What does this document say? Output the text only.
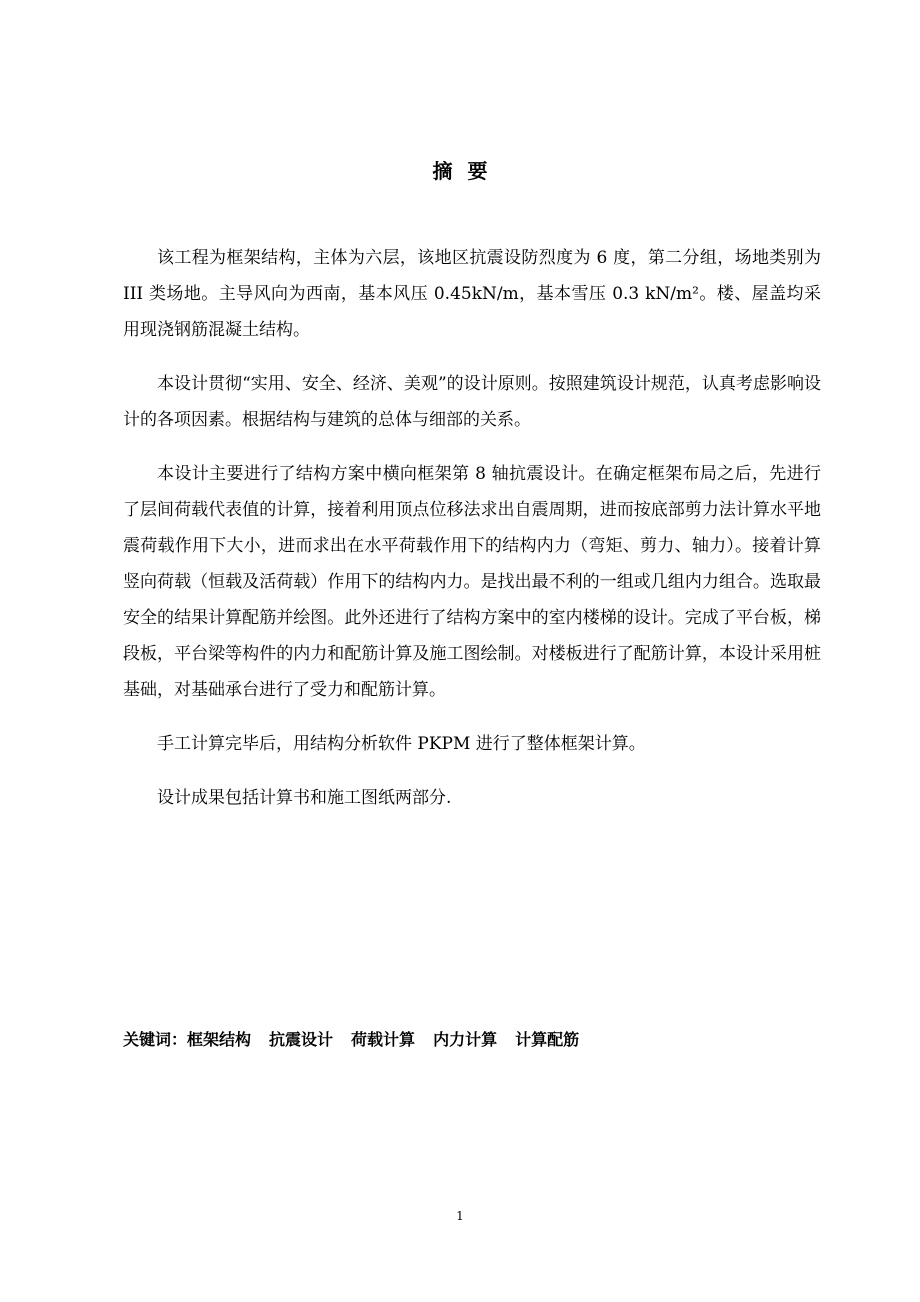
摘要

该工程为框架结构，主体为六层，该地区抗震设防烈度为 6 度，第二分组，场地类别为 III 类场地。主导风向为西南，基本风压 0.45kN/m，基本雪压 0.3 kN/m²。楼、屋盖均采用现浇钢筋混凝土结构。

本设计贯彻“实用、安全、经济、美观”的设计原则。按照建筑设计规范，认真考虑影响设计的各项因素。根据结构与建筑的总体与细部的关系。

本设计主要进行了结构方案中横向框架第 8 轴抗震设计。在确定框架布局之后，先进行了层间荷载代表值的计算，接着利用顶点位移法求出自震周期，进而按底部剪力法计算水平地震荷载作用下大小，进而求出在水平荷载作用下的结构内力（弯矩、剪力、轴力）。接着计算竖向荷载（恒载及活荷载）作用下的结构内力。是找出最不利的一组或几组内力组合。选取最安全的结果计算配筋并绘图。此外还进行了结构方案中的室内楼梯的设计。完成了平台板，梯段板，平台梁等构件的内力和配筋计算及施工图绘制。对楼板进行了配筋计算，本设计采用桩基础，对基础承台进行了受力和配筋计算。

手工计算完毕后，用结构分析软件 PKPM 进行了整体框架计算。

设计成果包括计算书和施工图纸两部分.

关键词：框架结构 抗震设计 荷载计算 内力计算 计算配筋
1
